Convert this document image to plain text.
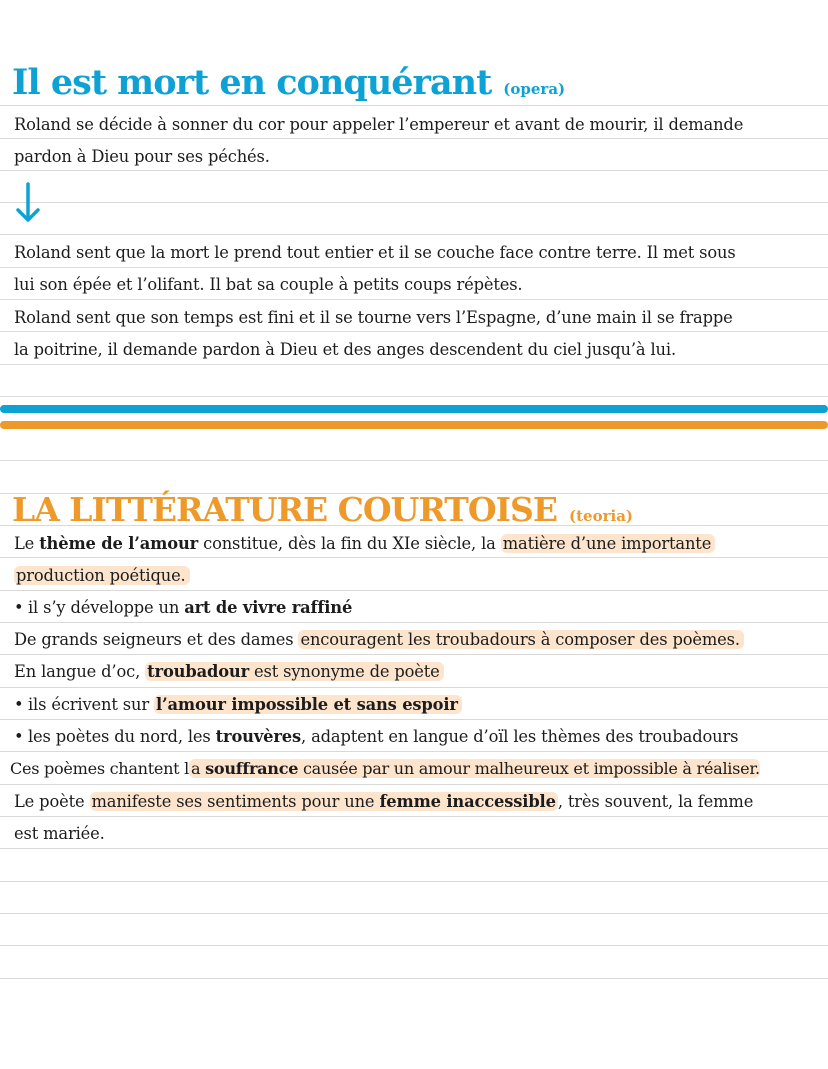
Il est mort en conquérant (opera)
Roland se décide à sonner du cor pour appeler l’empereur et avant de mourir, il demande
pardon à Dieu pour ses péchés.
Roland sent que la mort le prend tout entier et il se couche face contre terre. Il met sous
lui son épée et l’olifant. Il bat sa couple à petits coups répètes.
Roland sent que son temps est fini et il se tourne vers l’Espagne, d’une main il se frappe
la poitrine, il demande pardon à Dieu et des anges descendent du ciel jusqu’à lui.
LA LITTÉRATURE COURTOISE (teoria)
Le thème de l’amour constitue, dès la fin du XIe siècle, la matière d’une importante
production poétique.
• il s’y développe un art de vivre raffiné
De grands seigneurs et des dames encouragent les troubadours à composer des poèmes.
En langue d’oc, troubadour est synonyme de poète
• ils écrivent sur l’amour impossible et sans espoir
• les poètes du nord, les trouvères, adaptent en langue d’oïl les thèmes des troubadours
Ces poèmes chantent l a souffrance causée par un amour malheureux et impossible à réaliser.
Le poète manifeste ses sentiments pour une femme inaccessible , très souvent, la femme
est mariée.
